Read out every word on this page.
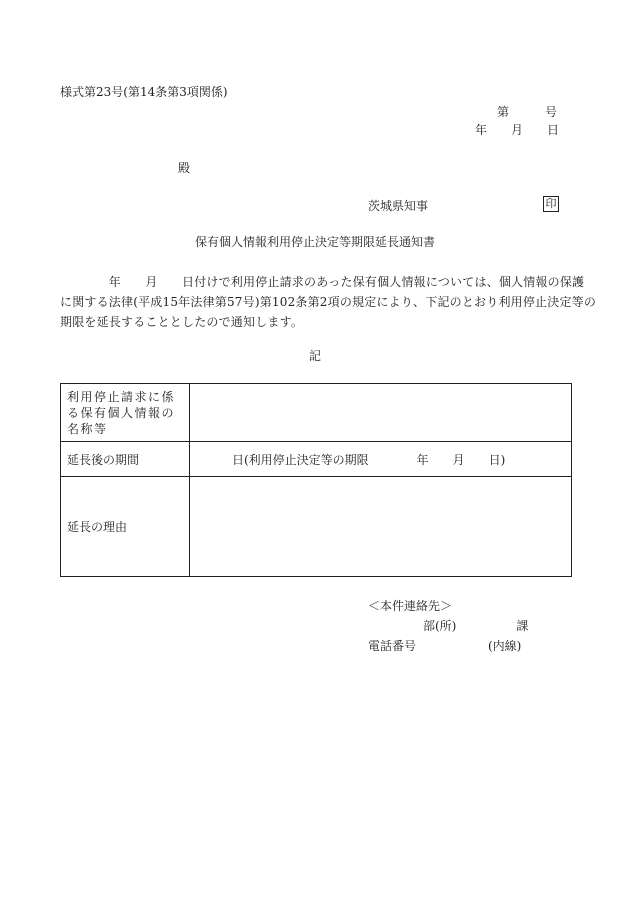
様式第23号(第14条第3項関係)
第　　　号
年　　月　　日
殿
茨城県知事	印
保有個人情報利用停止決定等期限延長通知書
　　　　年　　月　　日付けで利用停止請求のあった保有個人情報については、個人情報の保護
に関する法律(平成15年法律第57号)第102条第2項の規定により、下記のとおり利用停止決定等の
期限を延長することとしたので通知します。
記
利用停止請求に係る保有個人情報の名称等	
延長後の期間	日(利用停止決定等の期限　　　　年　　月　　日)
延長の理由	
＜本件連絡先＞
部(所)　　　　　課
電話番号　　　　　　(内線)
